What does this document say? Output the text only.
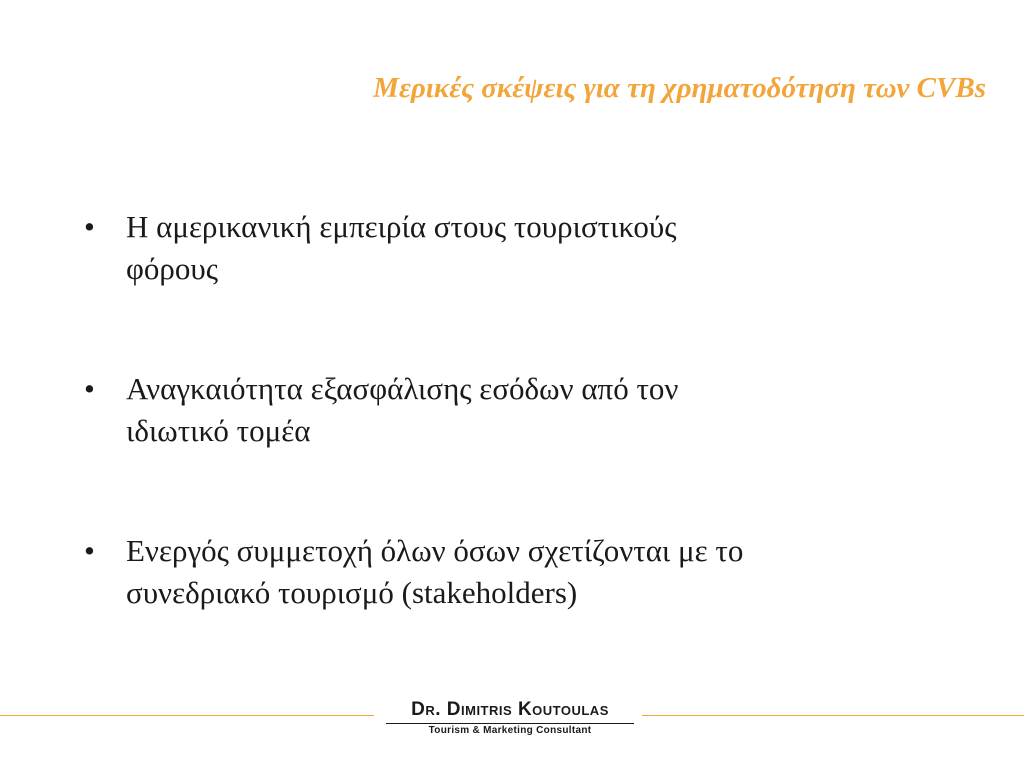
Μερικές σκέψεις για τη χρηματοδότηση των CVBs
•	Η αμερικανική εμπειρία στους τουριστικούς
φόρους
•	Αναγκαιότητα εξασφάλισης εσόδων από τον
ιδιωτικό τομέα
•	Ενεργός συμμετοχή όλων όσων σχετίζονται με το
συνεδριακό τουρισμό (stakeholders)
Dr. Dimitris Koutoulas
Tourism & Marketing Consultant
